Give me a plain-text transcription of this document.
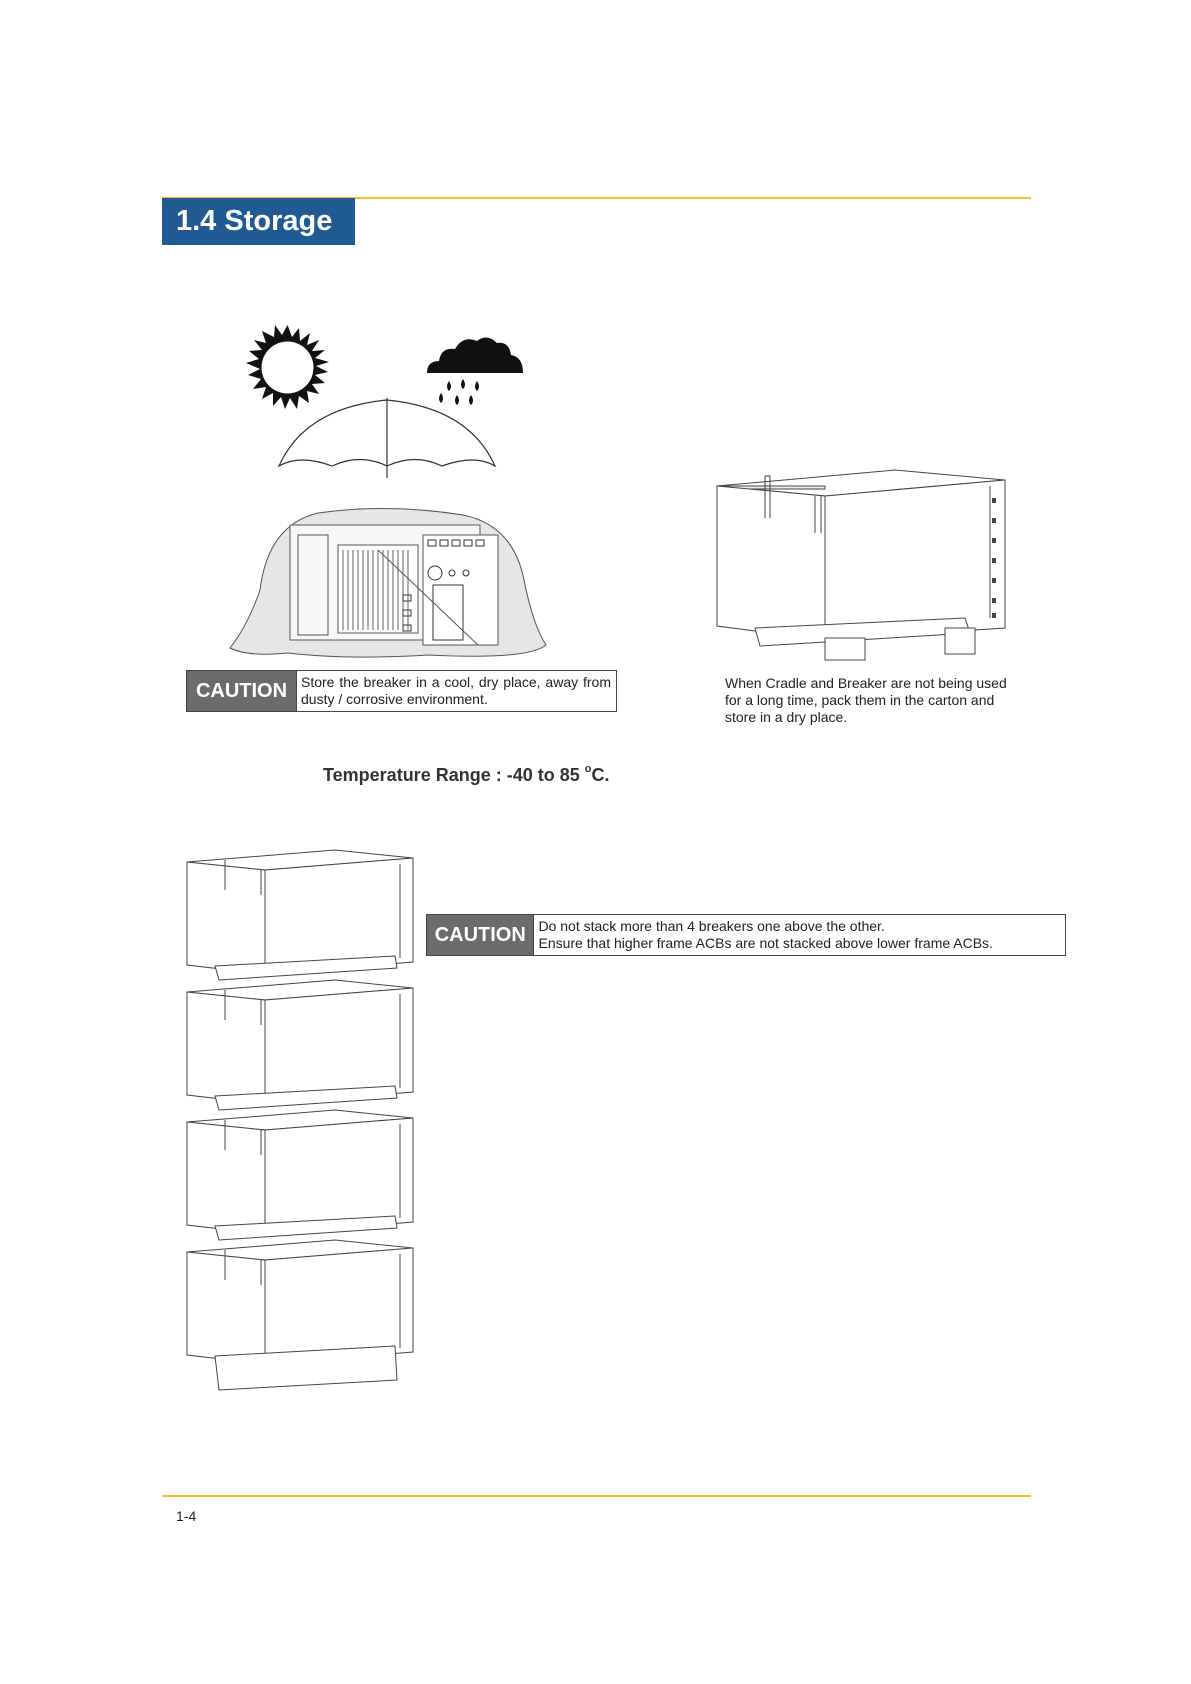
1.4 Storage
CAUTION Store the breaker in a cool, dry place, away from dusty / corrosive environment.
When Cradle and Breaker are not being used for a long time, pack them in the carton and store in a dry place.
Temperature Range : -40 to 85 $^o$C.
CAUTION Do not stack more than 4 breakers one above the other.
Ensure that higher frame ACBs are not stacked above lower frame ACBs.
1-4
